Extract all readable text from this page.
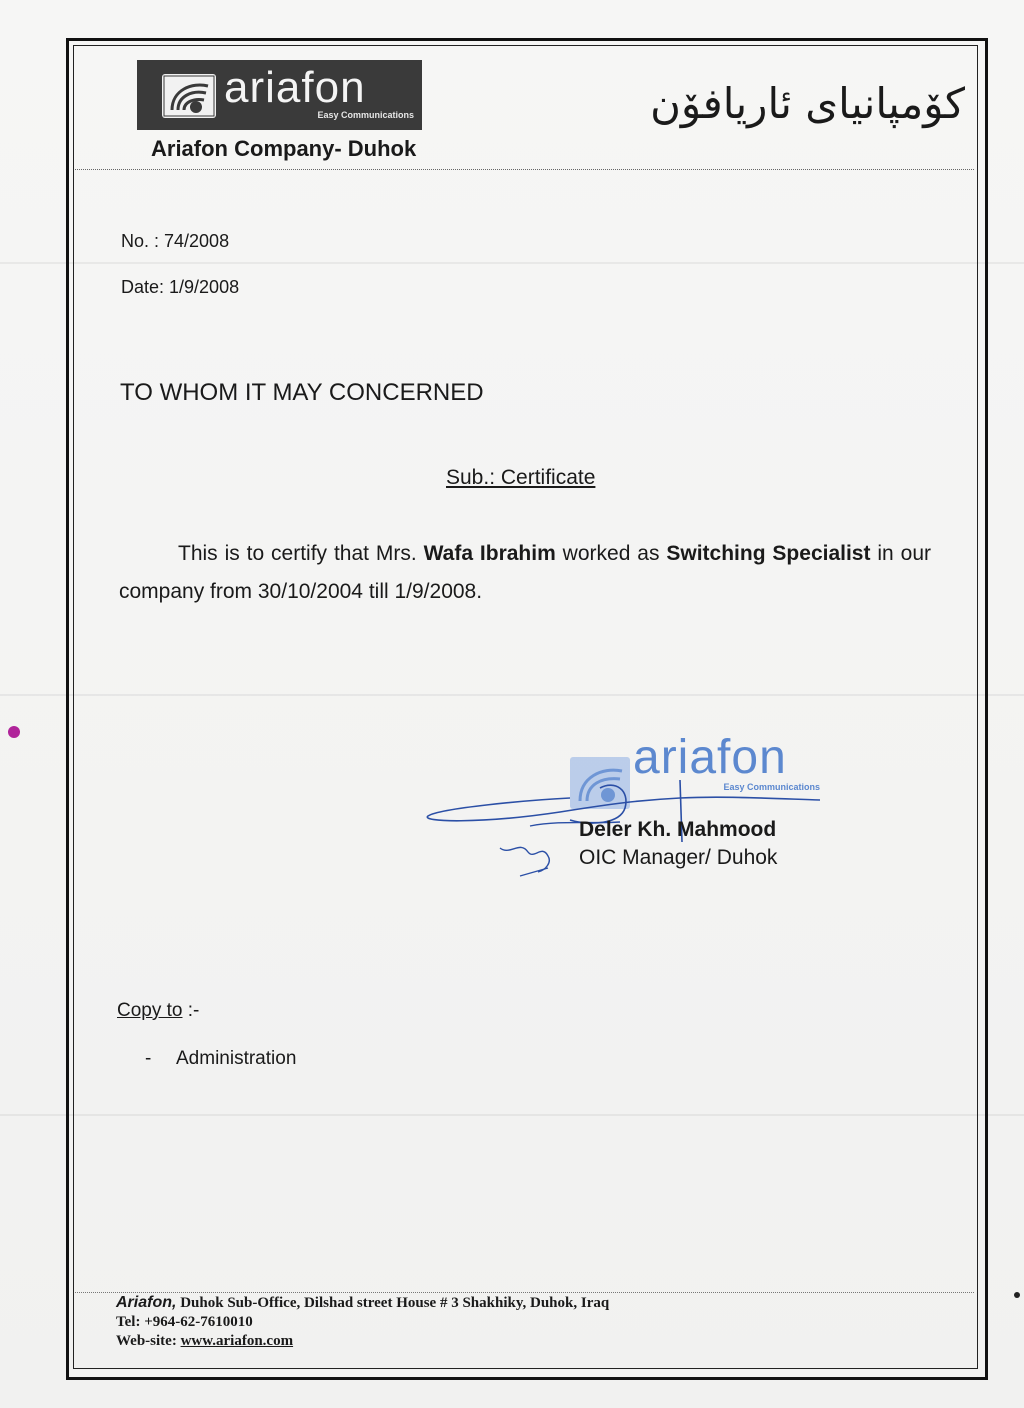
ariafon
Easy Communications
Ariafon Company- Duhok
کۆمپانیای ئاریافۆن
No. : 74/2008
Date: 1/9/2008
TO WHOM IT MAY CONCERNED
Sub.: Certificate
This is to certify that Mrs. Wafa Ibrahim worked as Switching Specialist in our company from 30/10/2004 till 1/9/2008.
ariafon
Easy Communications
Deler Kh. Mahmood
OIC Manager/ Duhok
Copy to :-
- Administration
Ariafon, Duhok Sub-Office, Dilshad street House # 3 Shakhiky, Duhok, Iraq
Tel: +964-62-7610010
Web-site: www.ariafon.com
